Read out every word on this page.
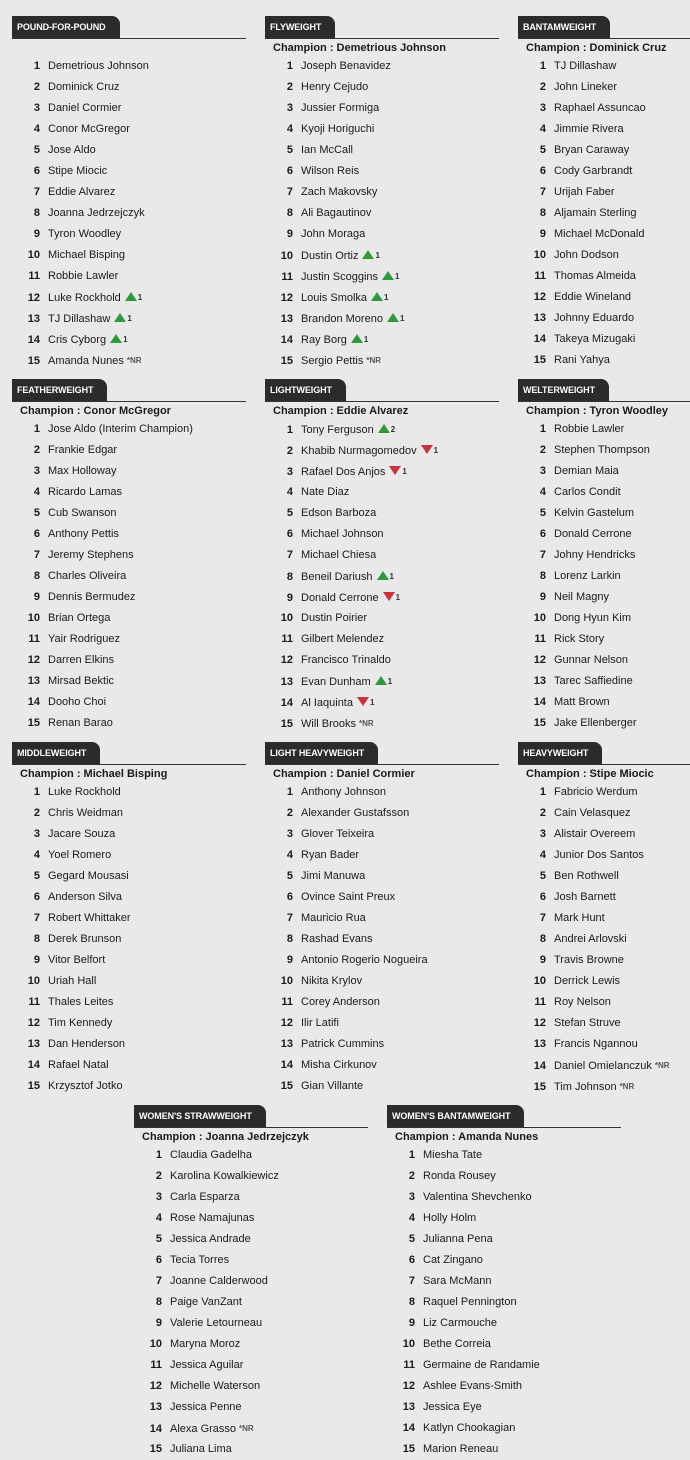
POUND-FOR-POUND
1 Demetrious Johnson
2 Dominick Cruz
3 Daniel Cormier
4 Conor McGregor
5 Jose Aldo
6 Stipe Miocic
7 Eddie Alvarez
8 Joanna Jedrzejczyk
9 Tyron Woodley
10 Michael Bisping
11 Robbie Lawler
12 Luke Rockhold 1
13 TJ Dillashaw 1
14 Cris Cyborg 1
15 Amanda Nunes *NR
FLYWEIGHT
Champion : Demetrious Johnson
1 Joseph Benavidez
2 Henry Cejudo
3 Jussier Formiga
4 Kyoji Horiguchi
5 Ian McCall
6 Wilson Reis
7 Zach Makovsky
8 Ali Bagautinov
9 John Moraga
10 Dustin Ortiz 1
11 Justin Scoggins 1
12 Louis Smolka 1
13 Brandon Moreno 1
14 Ray Borg 1
15 Sergio Pettis *NR
BANTAMWEIGHT
Champion : Dominick Cruz
1 TJ Dillashaw
2 John Lineker
3 Raphael Assuncao
4 Jimmie Rivera
5 Bryan Caraway
6 Cody Garbrandt
7 Urijah Faber
8 Aljamain Sterling
9 Michael McDonald
10 John Dodson
11 Thomas Almeida
12 Eddie Wineland
13 Johnny Eduardo
14 Takeya Mizugaki
15 Rani Yahya
FEATHERWEIGHT
Champion : Conor McGregor
1 Jose Aldo (Interim Champion)
2 Frankie Edgar
3 Max Holloway
4 Ricardo Lamas
5 Cub Swanson
6 Anthony Pettis
7 Jeremy Stephens
8 Charles Oliveira
9 Dennis Bermudez
10 Brian Ortega
11 Yair Rodriguez
12 Darren Elkins
13 Mirsad Bektic
14 Dooho Choi
15 Renan Barao
LIGHTWEIGHT
Champion : Eddie Alvarez
1 Tony Ferguson 2
2 Khabib Nurmagomedov 1
3 Rafael Dos Anjos 1
4 Nate Diaz
5 Edson Barboza
6 Michael Johnson
7 Michael Chiesa
8 Beneil Dariush 1
9 Donald Cerrone 1
10 Dustin Poirier
11 Gilbert Melendez
12 Francisco Trinaldo
13 Evan Dunham 1
14 Al Iaquinta 1
15 Will Brooks *NR
WELTERWEIGHT
Champion : Tyron Woodley
1 Robbie Lawler
2 Stephen Thompson
3 Demian Maia
4 Carlos Condit
5 Kelvin Gastelum
6 Donald Cerrone
7 Johny Hendricks
8 Lorenz Larkin
9 Neil Magny
10 Dong Hyun Kim
11 Rick Story
12 Gunnar Nelson
13 Tarec Saffiedine
14 Matt Brown
15 Jake Ellenberger
MIDDLEWEIGHT
Champion : Michael Bisping
1 Luke Rockhold
2 Chris Weidman
3 Jacare Souza
4 Yoel Romero
5 Gegard Mousasi
6 Anderson Silva
7 Robert Whittaker
8 Derek Brunson
9 Vitor Belfort
10 Uriah Hall
11 Thales Leites
12 Tim Kennedy
13 Dan Henderson
14 Rafael Natal
15 Krzysztof Jotko
LIGHT HEAVYWEIGHT
Champion : Daniel Cormier
1 Anthony Johnson
2 Alexander Gustafsson
3 Glover Teixeira
4 Ryan Bader
5 Jimi Manuwa
6 Ovince Saint Preux
7 Mauricio Rua
8 Rashad Evans
9 Antonio Rogerio Nogueira
10 Nikita Krylov
11 Corey Anderson
12 Ilir Latifi
13 Patrick Cummins
14 Misha Cirkunov
15 Gian Villante
HEAVYWEIGHT
Champion : Stipe Miocic
1 Fabricio Werdum
2 Cain Velasquez
3 Alistair Overeem
4 Junior Dos Santos
5 Ben Rothwell
6 Josh Barnett
7 Mark Hunt
8 Andrei Arlovski
9 Travis Browne
10 Derrick Lewis
11 Roy Nelson
12 Stefan Struve
13 Francis Ngannou
14 Daniel Omielanczuk *NR
15 Tim Johnson *NR
WOMEN'S STRAWWEIGHT
Champion : Joanna Jedrzejczyk
1 Claudia Gadelha
2 Karolina Kowalkiewicz
3 Carla Esparza
4 Rose Namajunas
5 Jessica Andrade
6 Tecia Torres
7 Joanne Calderwood
8 Paige VanZant
9 Valerie Letourneau
10 Maryna Moroz
11 Jessica Aguilar
12 Michelle Waterson
13 Jessica Penne
14 Alexa Grasso *NR
15 Juliana Lima
WOMEN'S BANTAMWEIGHT
Champion : Amanda Nunes
1 Miesha Tate
2 Ronda Rousey
3 Valentina Shevchenko
4 Holly Holm
5 Julianna Pena
6 Cat Zingano
7 Sara McMann
8 Raquel Pennington
9 Liz Carmouche
10 Bethe Correia
11 Germaine de Randamie
12 Ashlee Evans-Smith
13 Jessica Eye
14 Katlyn Chookagian
15 Marion Reneau
